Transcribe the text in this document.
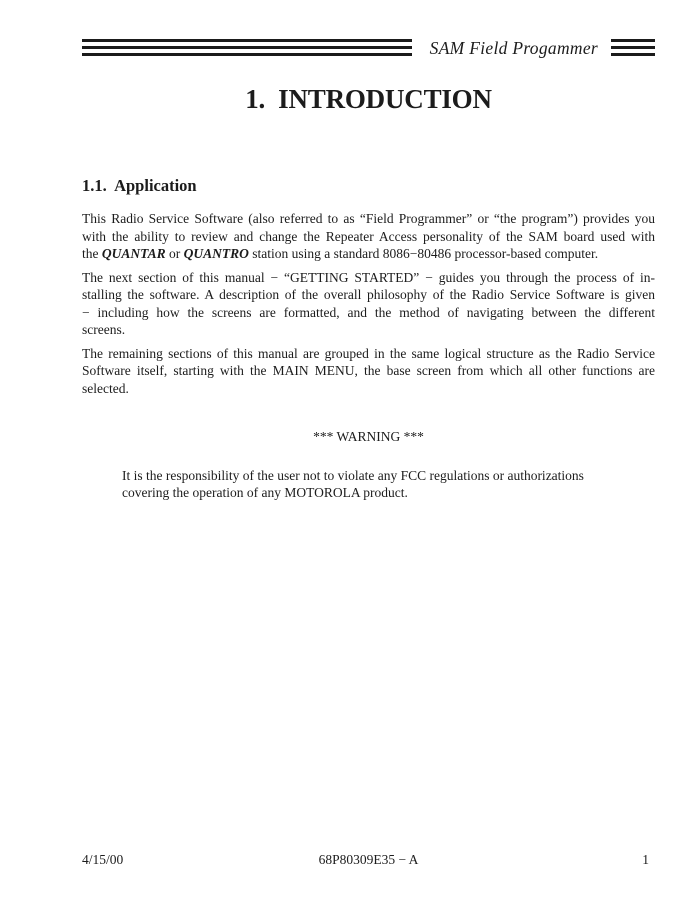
SAM Field Progammer
1.  INTRODUCTION
1.1.  Application
This Radio Service Software (also referred to as “Field Programmer” or “the program”) provides you
with the ability to review and change the Repeater Access personality of the SAM board used with
the QUANTAR or QUANTRO station using a standard 8086−80486 processor-based computer.
The next section of this manual − “GETTING STARTED” − guides you through the process of in-
stalling the software. A description of the overall philosophy of the Radio Service Software is given
− including how the screens are formatted, and the method of navigating between the different
screens.
The remaining sections of this manual are grouped in the same logical structure as the Radio Service
Software itself, starting with the MAIN MENU, the base screen from which all other functions are
selected.
*** WARNING ***
It is the responsibility of the user not to violate any FCC regulations or authorizations
covering the operation of any MOTOROLA product.
4/15/00	68P80309E35 − A	1
